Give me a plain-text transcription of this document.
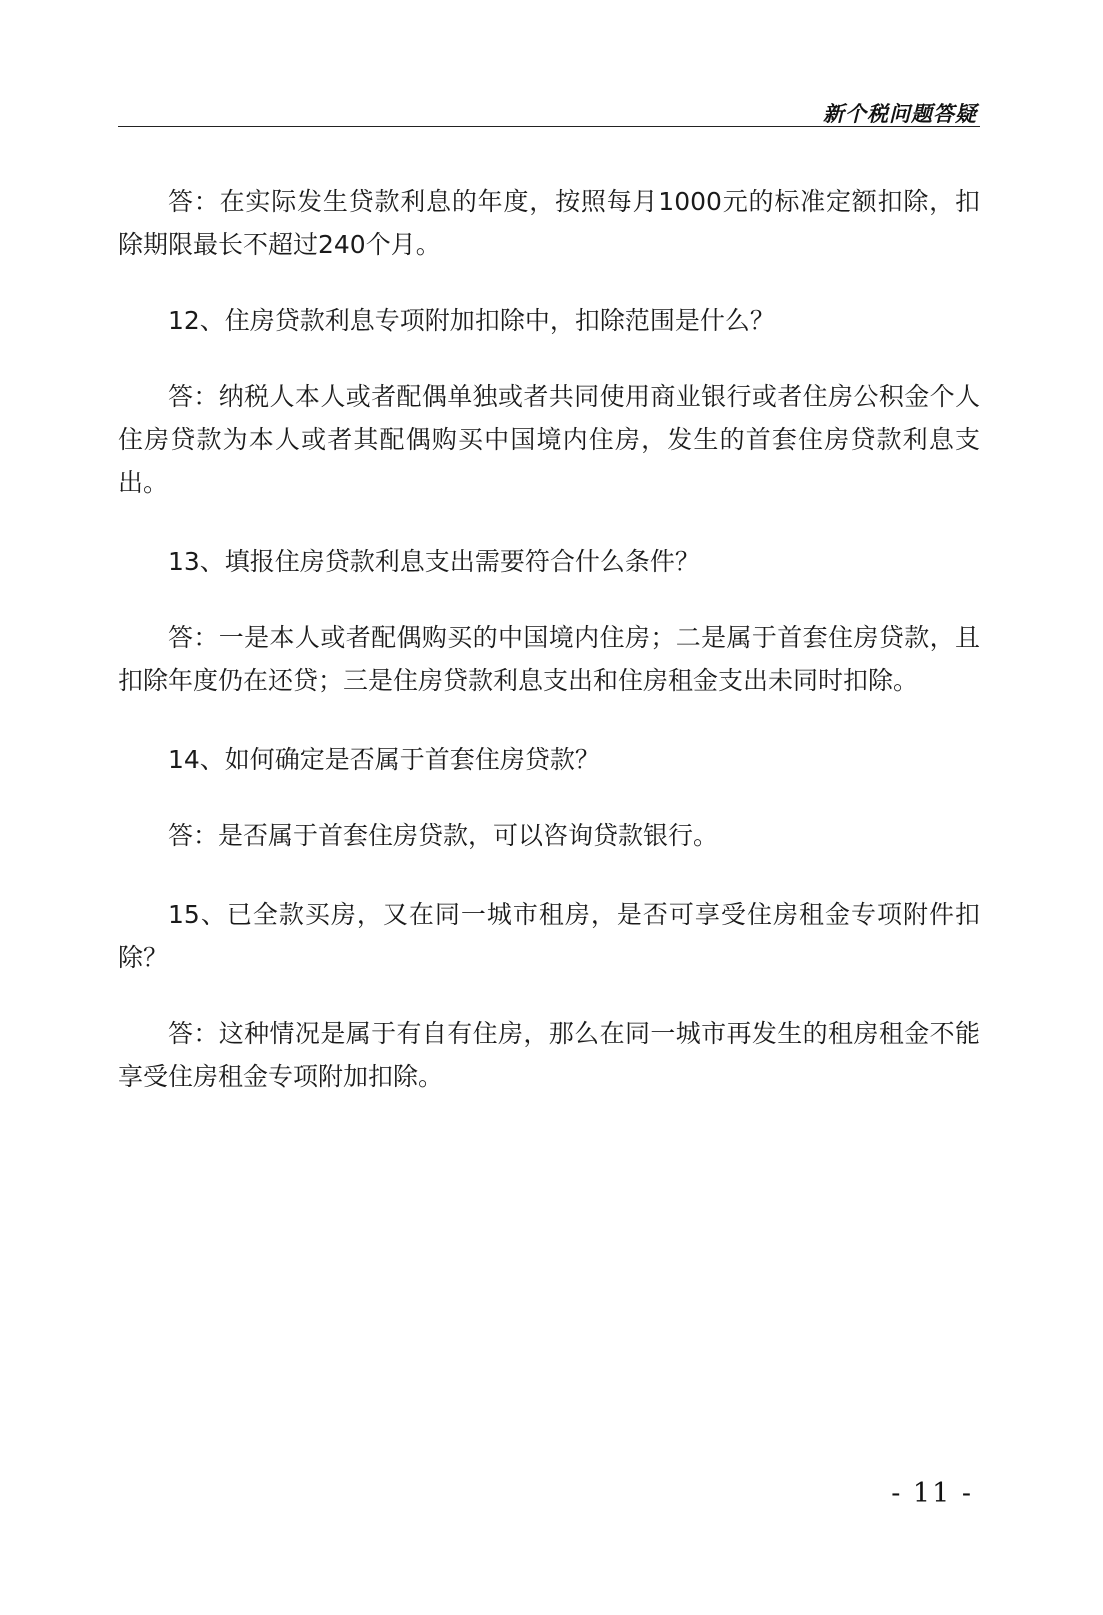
新个税问题答疑

答：在实际发生贷款利息的年度，按照每月1000元的标准定额扣除，扣除期限最长不超过240个月。

12、住房贷款利息专项附加扣除中，扣除范围是什么？

答：纳税人本人或者配偶单独或者共同使用商业银行或者住房公积金个人住房贷款为本人或者其配偶购买中国境内住房，发生的首套住房贷款利息支出。

13、填报住房贷款利息支出需要符合什么条件？

答：一是本人或者配偶购买的中国境内住房；二是属于首套住房贷款，且扣除年度仍在还贷；三是住房贷款利息支出和住房租金支出未同时扣除。

14、如何确定是否属于首套住房贷款？

答：是否属于首套住房贷款，可以咨询贷款银行。

15、已全款买房，又在同一城市租房，是否可享受住房租金专项附件扣除？

答：这种情况是属于有自有住房，那么在同一城市再发生的租房租金不能享受住房租金专项附加扣除。

- 11 -
